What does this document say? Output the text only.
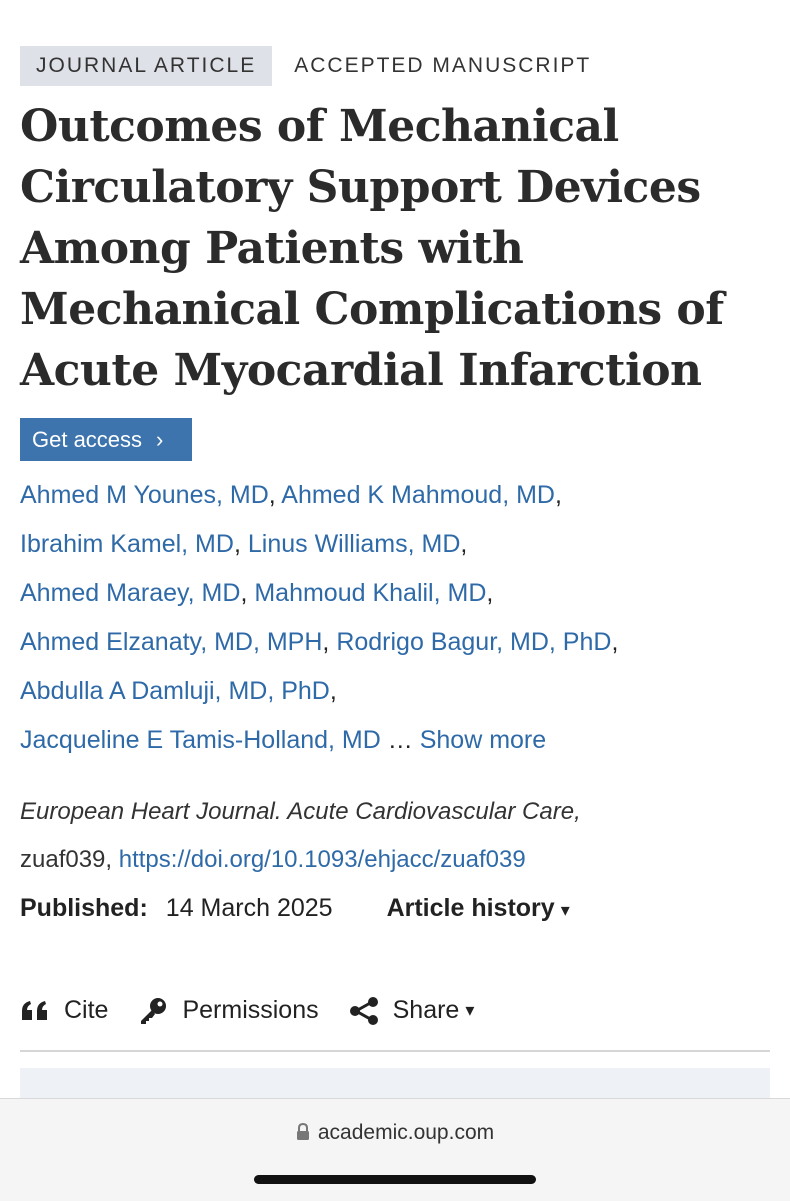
JOURNAL ARTICLE	ACCEPTED MANUSCRIPT
Outcomes of Mechanical
Circulatory Support Devices
Among Patients with
Mechanical Complications of
Acute Myocardial Infarction
Get access ›
Ahmed M Younes, MD, Ahmed K Mahmoud, MD,
Ibrahim Kamel, MD, Linus Williams, MD,
Ahmed Maraey, MD, Mahmoud Khalil, MD,
Ahmed Elzanaty, MD, MPH, Rodrigo Bagur, MD, PhD,
Abdulla A Damluji, MD, PhD,
Jacqueline E Tamis-Holland, MD … Show more
European Heart Journal. Acute Cardiovascular Care,
zuaf039, https://doi.org/10.1093/ehjacc/zuaf039
Published: 14 March 2025 Article history ▾
Cite	Permissions	Share ▾
academic.oup.com
